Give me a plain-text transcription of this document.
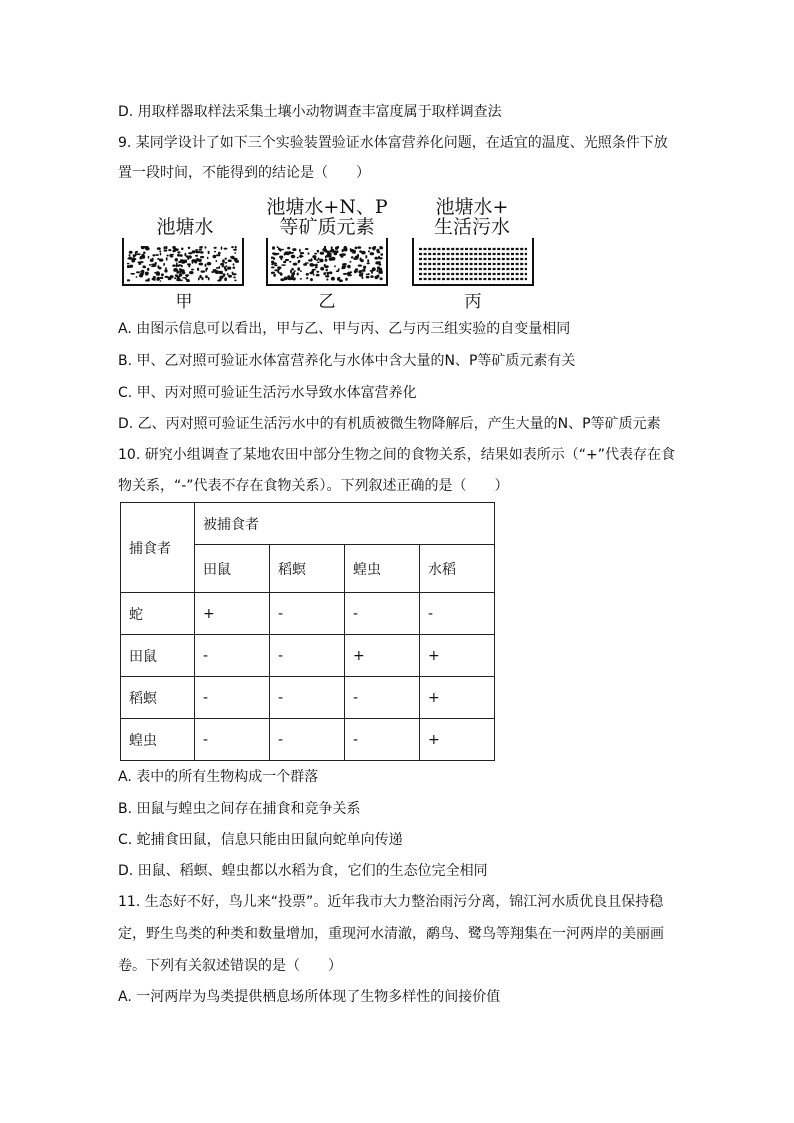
D. 用取样器取样法采集土壤小动物调查丰富度属于取样调查法
9. 某同学设计了如下三个实验装置验证水体富营养化问题，在适宜的温度、光照条件下放
置一段时间，不能得到的结论是（　　）
池塘水
池塘水+N、P
等矿质元素
池塘水+
生活污水
甲	乙	丙
A. 由图示信息可以看出，甲与乙、甲与丙、乙与丙三组实验的自变量相同
B. 甲、乙对照可验证水体富营养化与水体中含大量的N、P等矿质元素有关
C. 甲、丙对照可验证生活污水导致水体富营养化
D. 乙、丙对照可验证生活污水中的有机质被微生物降解后，产生大量的N、P等矿质元素
10. 研究小组调查了某地农田中部分生物之间的食物关系，结果如表所示（“+”代表存在食
物关系，“-”代表不存在食物关系）。下列叙述正确的是（　　）
捕食者	被捕食者			
	田鼠	稻螟	蝗虫	水稻
蛇	+	-	-	-
田鼠	-	-	+	+
稻螟	-	-	-	+
蝗虫	-	-	-	+
A. 表中的所有生物构成一个群落
B. 田鼠与蝗虫之间存在捕食和竞争关系
C. 蛇捕食田鼠，信息只能由田鼠向蛇单向传递
D. 田鼠、稻螟、蝗虫都以水稻为食，它们的生态位完全相同
11. 生态好不好，鸟儿来“投票”。近年我市大力整治雨污分离，锦江河水质优良且保持稳
定，野生鸟类的种类和数量增加，重现河水清澈，鹬鸟、鹭鸟等翔集在一河两岸的美丽画
卷。下列有关叙述错误的是（　　）
A. 一河两岸为鸟类提供栖息场所体现了生物多样性的间接价值
